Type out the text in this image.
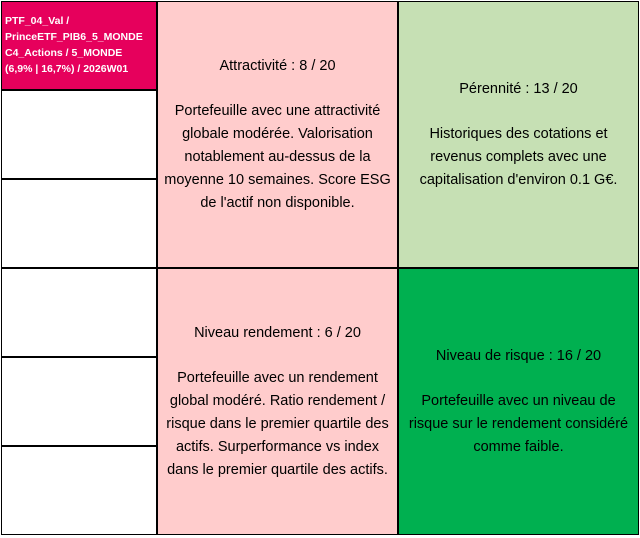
PTF_04_Val /
PrinceETF_PIB6_5_MONDE
C4_Actions / 5_MONDE
(6,9% | 16,7%) / 2026W01	Attractivité : 8 / 20
Portefeuille avec une attractivité globale modérée. Valorisation notablement au-dessus de la moyenne 10 semaines. Score ESG de l'actif non disponible.
Pérennité : 13 / 20
Historiques des cotations et revenus complets avec une capitalisation d'environ 0.1 G€.
Niveau rendement : 6 / 20
Portefeuille avec un rendement global modéré. Ratio rendement / risque dans le premier quartile des actifs. Surperformance vs index dans le premier quartile des actifs.
Niveau de risque : 16 / 20
Portefeuille avec un niveau de risque sur le rendement considéré comme faible.
